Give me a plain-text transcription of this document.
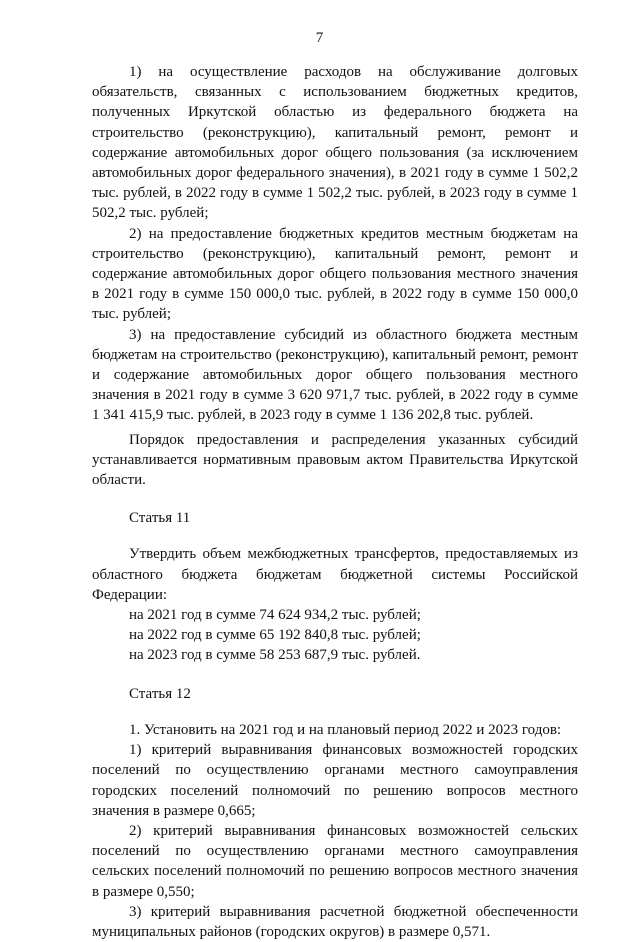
7

1) на осуществление расходов на обслуживание долговых обязательств, связанных с использованием бюджетных кредитов, полученных Иркутской областью из федерального бюджета на строительство (реконструкцию), капитальный ремонт, ремонт и содержание автомобильных дорог общего пользования (за исключением автомобильных дорог федерального значения), в 2021 году в сумме 1 502,2 тыс. рублей, в 2022 году в сумме 1 502,2 тыс. рублей, в 2023 году в сумме 1 502,2 тыс. рублей;

2) на предоставление бюджетных кредитов местным бюджетам на строительство (реконструкцию), капитальный ремонт, ремонт и содержание автомобильных дорог общего пользования местного значения в 2021 году в сумме 150 000,0 тыс. рублей, в 2022 году в сумме 150 000,0 тыс. рублей;

3) на предоставление субсидий из областного бюджета местным бюджетам на строительство (реконструкцию), капитальный ремонт, ремонт и содержание автомобильных дорог общего пользования местного значения в 2021 году в сумме 3 620 971,7 тыс. рублей, в 2022 году в сумме 1 341 415,9 тыс. рублей, в 2023 году в сумме 1 136 202,8 тыс. рублей.

Порядок предоставления и распределения указанных субсидий устанавливается нормативным правовым актом Правительства Иркутской области.

Статья 11

Утвердить объем межбюджетных трансфертов, предоставляемых из областного бюджета бюджетам бюджетной системы Российской Федерации:

на 2021 год в сумме 74 624 934,2 тыс. рублей;

на 2022 год в сумме 65 192 840,8 тыс. рублей;

на 2023 год в сумме 58 253 687,9 тыс. рублей.

Статья 12

1. Установить на 2021 год и на плановый период 2022 и 2023 годов:

1) критерий выравнивания финансовых возможностей городских поселений по осуществлению органами местного самоуправления городских поселений полномочий по решению вопросов местного значения в размере 0,665;

2) критерий выравнивания финансовых возможностей сельских поселений по осуществлению органами местного самоуправления сельских поселений полномочий по решению вопросов местного значения в размере 0,550;

3) критерий выравнивания расчетной бюджетной обеспеченности муниципальных районов (городских округов) в размере 0,571.
